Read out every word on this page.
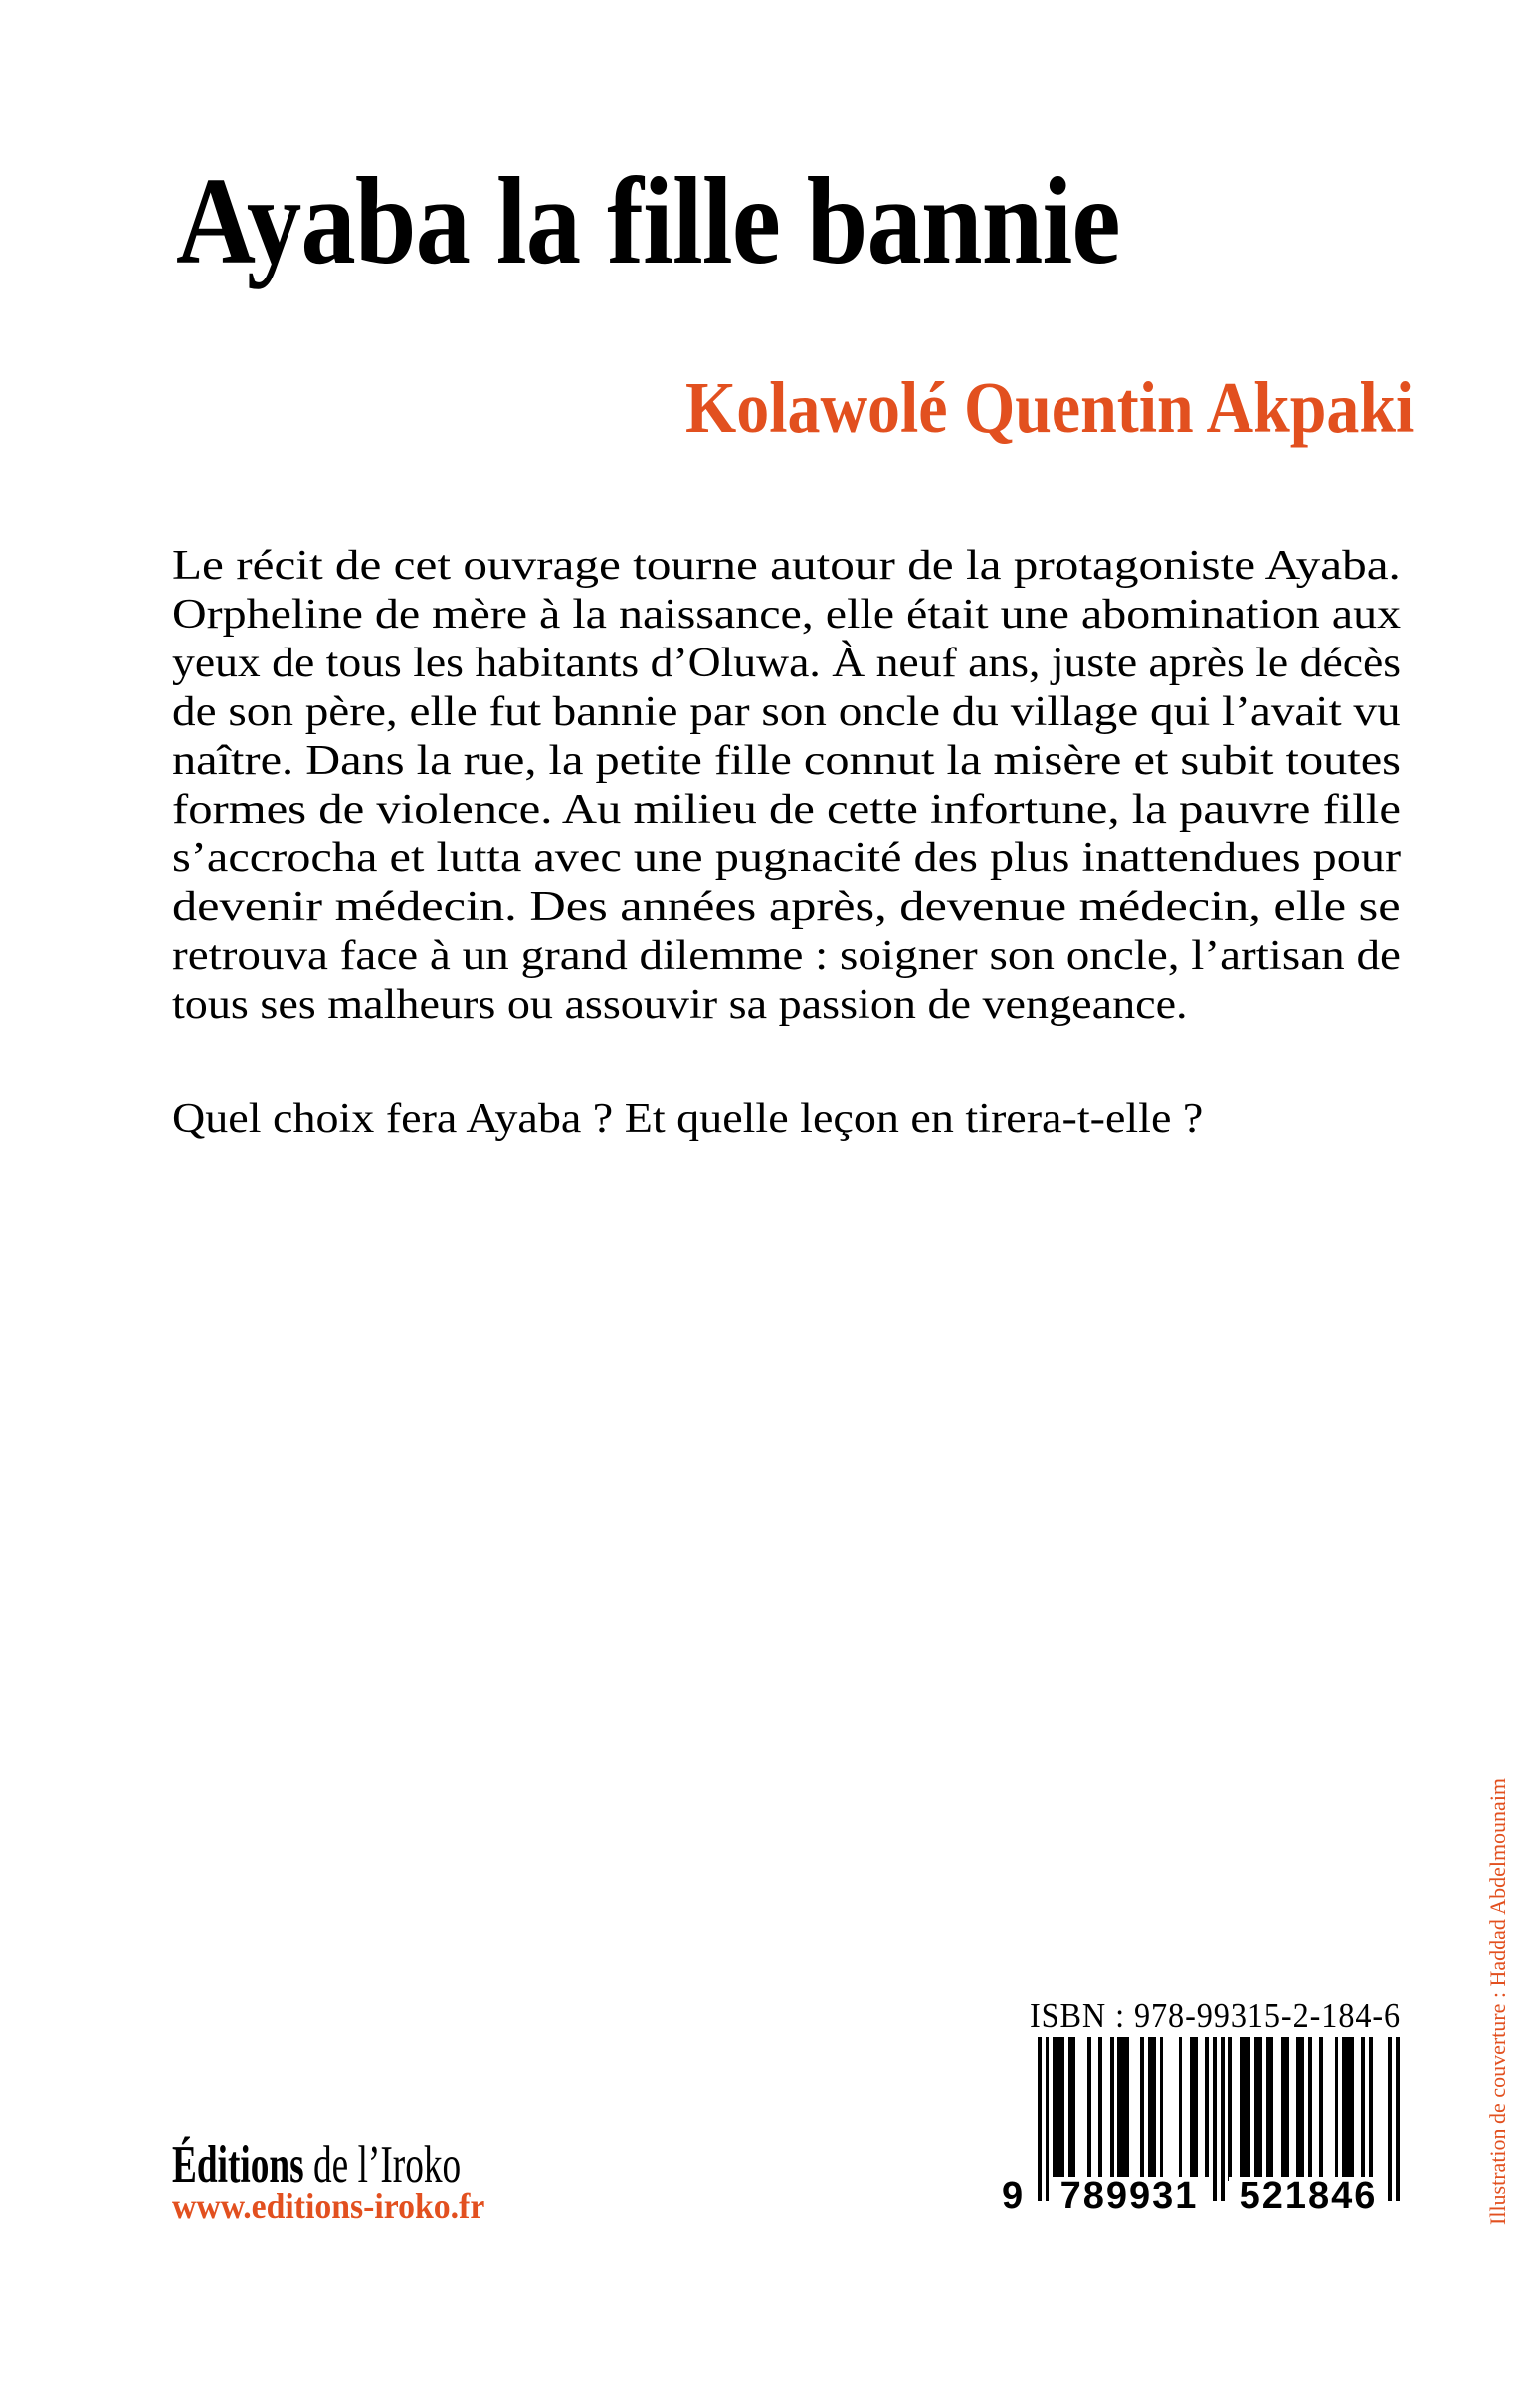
Ayaba la fille bannie
Kolawolé Quentin Akpaki
Le récit de cet ouvrage tourne autour de la protagoniste Ayaba.
Orpheline de mère à la naissance, elle était une abomination aux
yeux de tous les habitants d’Oluwa. À neuf ans, juste après le décès
de son père, elle fut bannie par son oncle du village qui l’avait vu
naître. Dans la rue, la petite fille connut la misère et subit toutes
formes de violence. Au milieu de cette infortune, la pauvre fille
s’accrocha et lutta avec une pugnacité des plus inattendues pour
devenir médecin. Des années après, devenue médecin, elle se
retrouva face à un grand dilemme : soigner son oncle, l’artisan de
tous ses malheurs ou assouvir sa passion de vengeance.
Quel choix fera Ayaba ? Et quelle leçon en tirera-t-elle ?
ISBN : 978-99315-2-184-6
9 789931 521846
Éditions de l’Iroko
www.editions-iroko.fr	Illustration de couverture : Haddad Abdelmounaim
